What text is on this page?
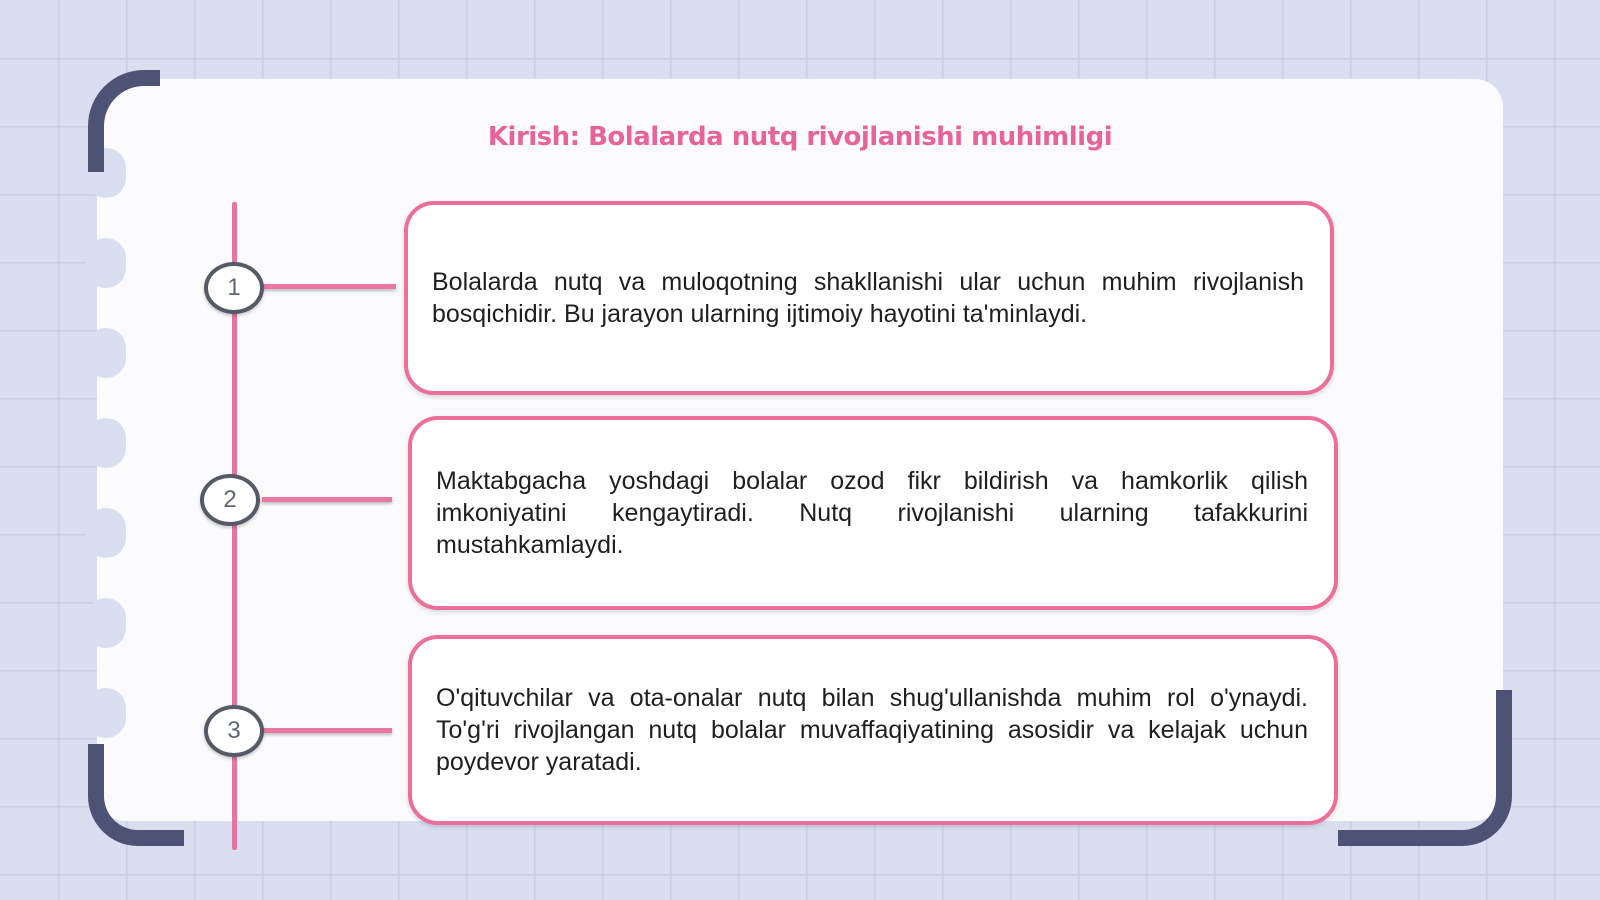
Kirish: Bolalarda nutq rivojlanishi muhimligi
1	Bolalarda nutq va muloqotning shakllanishi ular uchun muhim rivojlanish bosqichidir. Bu jarayon ularning ijtimoiy hayotini ta'minlaydi.

2

Maktabgacha yoshdagi bolalar ozod fikr bildirish va hamkorlik qilish imkoniyatini kengaytiradi. Nutq rivojlanishi ularning tafakkurini mustahkamlaydi.

3

O'qituvchilar va ota-onalar nutq bilan shug'ullanishda muhim rol o'ynaydi. To'g'ri rivojlangan nutq bolalar muvaffaqiyatining asosidir va kelajak uchun poydevor yaratadi.
